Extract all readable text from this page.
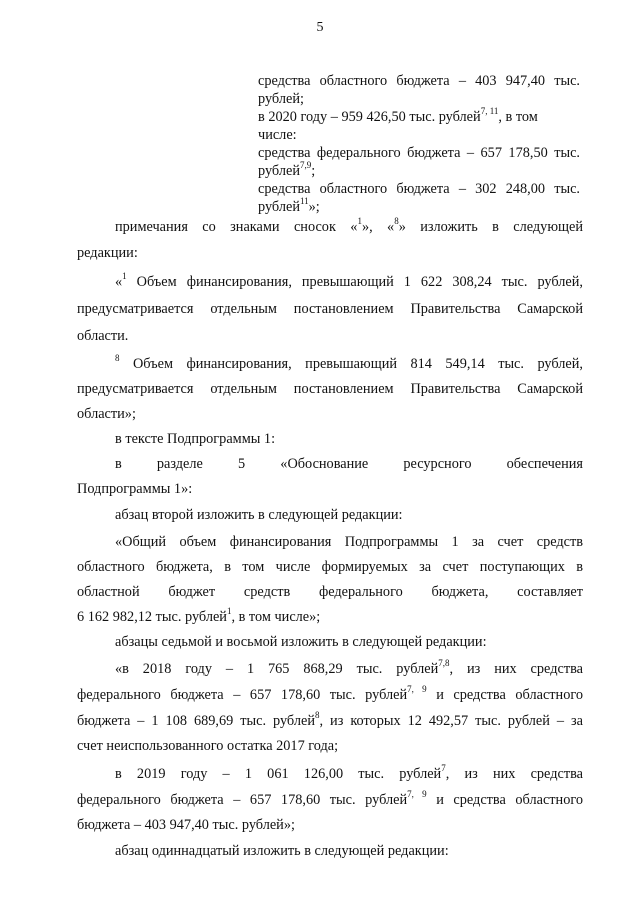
5
средства областного бюджета – 403 947,40 тыс.
рублей;
в 2020 году – 959 426,50 тыс. рублей$^{7, 11}$, в том
числе:
средства федерального бюджета – 657 178,50 тыс.
рублей$^{7,9}$;
средства областного бюджета – 302 248,00 тыс.
рублей$^{11}$»;
примечания со знаками сносок «$^1$», «$^8$» изложить в следующей
редакции:
«$^1$ Объем финансирования, превышающий 1 622 308,24 тыс. рублей,
предусматривается отдельным постановлением Правительства Самарской
области.
$^8$ Объем финансирования, превышающий 814 549,14 тыс. рублей,
предусматривается отдельным постановлением Правительства Самарской
области»;
в тексте Подпрограммы 1:
в разделе 5 «Обоснование ресурсного обеспечения
Подпрограммы 1»:
абзац второй изложить в следующей редакции:
«Общий объем финансирования Подпрограммы 1 за счет средств
областного бюджета, в том числе формируемых за счет поступающих в
областной бюджет средств федерального бюджета, составляет
6 162 982,12 тыс. рублей$^1$, в том числе»;
абзацы седьмой и восьмой изложить в следующей редакции:
«в 2018 году – 1 765 868,29 тыс. рублей$^{7,8}$, из них средства
федерального бюджета – 657 178,60 тыс. рублей$^{7, 9}$ и средства областного
бюджета – 1 108 689,69 тыс. рублей$^8$, из которых 12 492,57 тыс. рублей – за
счет неиспользованного остатка 2017 года;
в 2019 году – 1 061 126,00 тыс. рублей$^7$, из них средства
федерального бюджета – 657 178,60 тыс. рублей$^{7, 9}$ и средства областного
бюджета – 403 947,40 тыс. рублей»;
абзац одиннадцатый изложить в следующей редакции:
